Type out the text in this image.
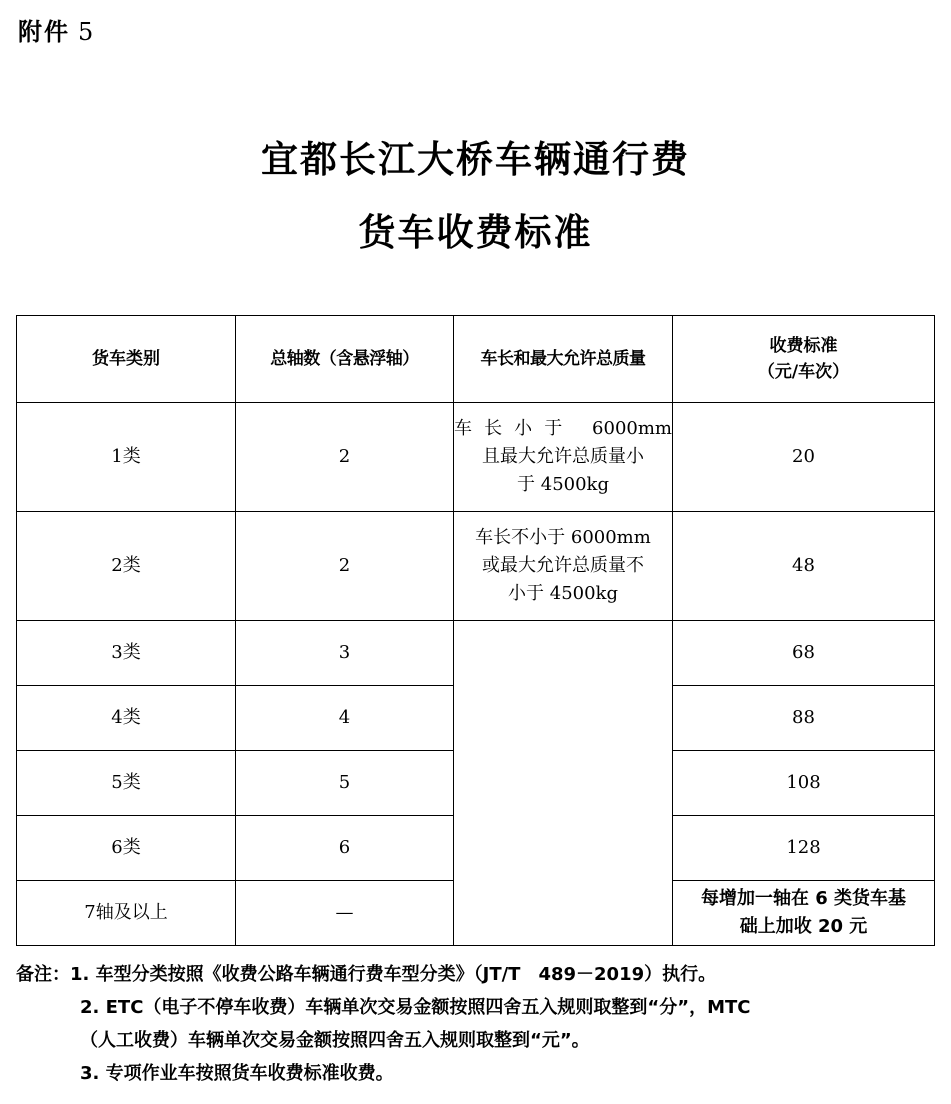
附件 5
宜都长江大桥车辆通行费
货车收费标准
货车类别	总轴数（含悬浮轴）	车长和最大允许总质量	收费标准
（元/车次）

1类	2	车长小于 6000mm
且最大允许总质量小
于 4500kg	20
2类	2	车长不小于 6000mm
或最大允许总质量不
小于 4500kg	48
3类	3		68
4类	4		88
5类	5		108
6类	6		128
7轴及以上	—		每增加一轴在 6 类货车基
础上加收 20 元
备注：1. 车型分类按照《收费公路车辆通行费车型分类》（JT/T　489－2019）执行。
2. ETC（电子不停车收费）车辆单次交易金额按照四舍五入规则取整到“分”，MTC
（人工收费）车辆单次交易金额按照四舍五入规则取整到“元”。
3. 专项作业车按照货车收费标准收费。
